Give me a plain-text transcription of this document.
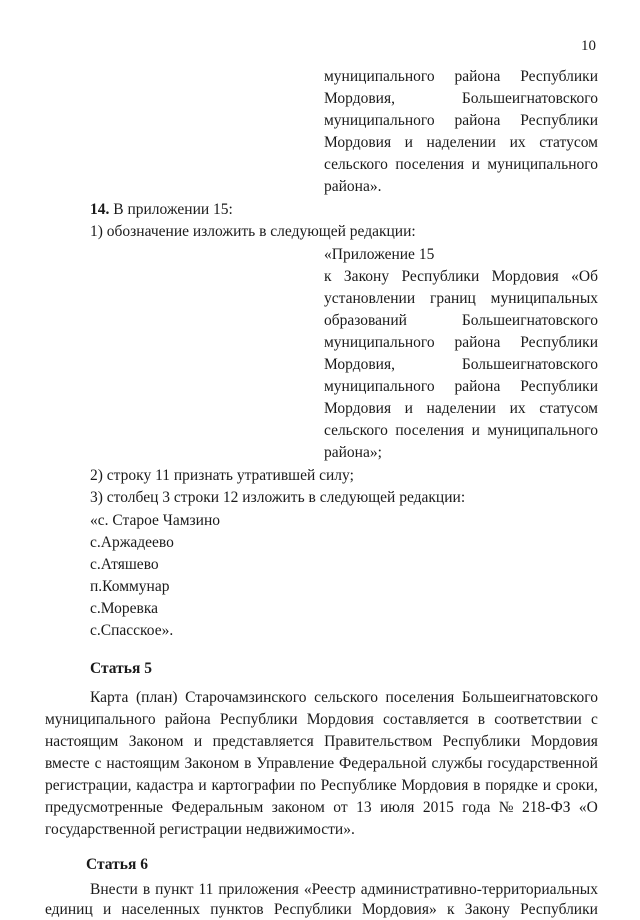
10
муниципального района Республики
Мордовия,	Большеигнатовского
муниципального района Республики
Мордовия и наделении их статусом
сельского поселения и муниципального
района».
14. В приложении 15:
1) обозначение изложить в следующей редакции:
«Приложение 15
к Закону Республики Мордовия «Об
установлении границ муниципальных
образований	Большеигнатовского
муниципального района Республики
Мордовия,	Большеигнатовского
муниципального района Республики
Мордовия и наделении их статусом
сельского поселения и муниципального
района»;
2) строку 11 признать утратившей силу;
3) столбец 3 строки 12 изложить в следующей редакции:
«с. Старое Чамзино
с.Аржадеево
с.Атяшево
п.Коммунар
с.Моревка
с.Спасское».
Статья 5
Карта (план) Старочамзинского сельского поселения Большеигнатовского
муниципального района Республики Мордовия составляется в соответствии с
настоящим Законом и представляется Правительством Республики Мордовия
вместе с настоящим Законом в Управление Федеральной службы государственной
регистрации, кадастра и картографии по Республике Мордовия в порядке и сроки,
предусмотренные Федеральным законом от 13 июля 2015 года № 218-ФЗ «О
государственной регистрации недвижимости».
Статья 6
Внести в пункт 11 приложения «Реестр административно-территориальных
единиц и населенных пунктов Республики Мордовия» к Закону Республики
